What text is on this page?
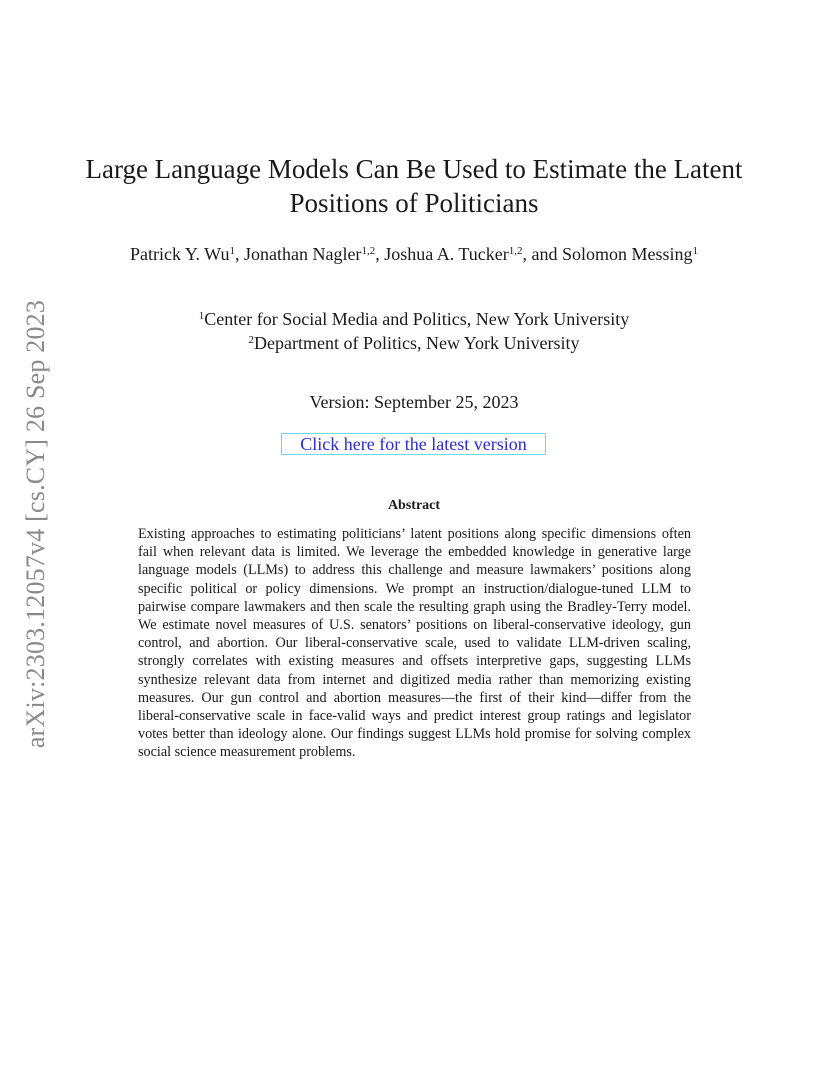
arXiv:2303.12057v4 [cs.CY] 26 Sep 2023
Large Language Models Can Be Used to Estimate the Latent Positions of Politicians
Patrick Y. Wu$^1$, Jonathan Nagler$^{1,2}$, Joshua A. Tucker$^{1,2}$, and Solomon Messing$^1$
$^1$Center for Social Media and Politics, New York University
$^2$Department of Politics, New York University
Version: September 25, 2023
Click here for the latest version
Abstract

Existing approaches to estimating politicians’ latent positions along specific dimensions often fail when relevant data is limited. We leverage the embedded knowledge in generative large language models (LLMs) to address this challenge and measure lawmakers’ positions along specific political or policy dimensions. We prompt an instruction/dialogue-tuned LLM to pairwise compare lawmakers and then scale the resulting graph using the Bradley-Terry model. We estimate novel measures of U.S. senators’ positions on liberal-conservative ideology, gun control, and abortion. Our liberal-conservative scale, used to validate LLM-driven scaling, strongly correlates with existing measures and offsets interpretive gaps, suggesting LLMs synthesize relevant data from internet and digitized media rather than memorizing existing measures. Our gun control and abortion measures—the first of their kind—differ from the liberal-conservative scale in face-valid ways and predict interest group ratings and legislator votes better than ideology alone. Our findings suggest LLMs hold promise for solving complex social science measurement problems.
